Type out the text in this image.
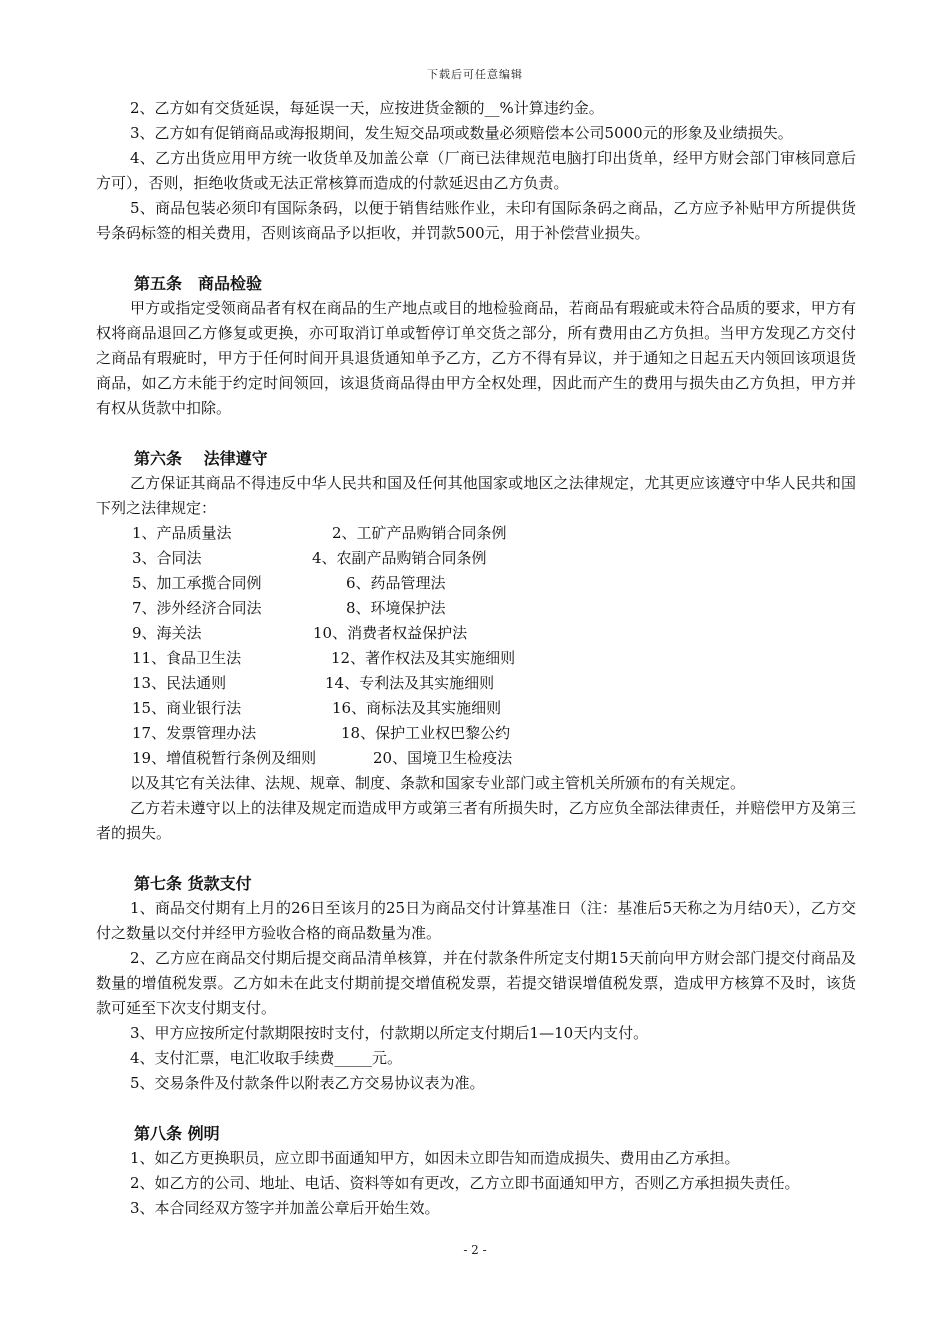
下载后可任意编辑

2、乙方如有交货延误，每延误一天，应按进货金额的__%计算违约金。

3、乙方如有促销商品或海报期间，发生短交品项或数量必须赔偿本公司5000元的形象及业绩损失。

4、乙方出货应用甲方统一收货单及加盖公章（厂商已法律规范电脑打印出货单，经甲方财会部门审核同意后方可），否则，拒绝收货或无法正常核算而造成的付款延迟由乙方负责。

5、商品包装必须印有国际条码，以便于销售结账作业，未印有国际条码之商品，乙方应予补贴甲方所提供货号条码标签的相关费用，否则该商品予以拒收，并罚款500元，用于补偿营业损失。

第五条　商品检验

甲方或指定受领商品者有权在商品的生产地点或目的地检验商品，若商品有瑕疵或未符合品质的要求，甲方有权将商品退回乙方修复或更换，亦可取消订单或暂停订单交货之部分，所有费用由乙方负担。当甲方发现乙方交付之商品有瑕疵时，甲方于任何时间开具退货通知单予乙方，乙方不得有异议，并于通知之日起五天内领回该项退货商品，如乙方未能于约定时间领回，该退货商品得由甲方全权处理，因此而产生的费用与损失由乙方负担，甲方并有权从货款中扣除。

第六条　 法律遵守

乙方保证其商品不得违反中华人民共和国及任何其他国家或地区之法律规定，尤其更应该遵守中华人民共和国下列之法律规定：

1、产品质量法	2、工矿产品购销合同条例
3、合同法	4、农副产品购销合同条例
5、加工承揽合同例	6、药品管理法
7、涉外经济合同法	8、环境保护法
9、海关法	10、消费者权益保护法
11、食品卫生法	12、著作权法及其实施细则
13、民法通则	14、专利法及其实施细则
15、商业银行法	16、商标法及其实施细则
17、发票管理办法	18、保护工业权巴黎公约
19、增值税暂行条例及细则	20、国境卫生检疫法

以及其它有关法律、法规、规章、制度、条款和国家专业部门或主管机关所颁布的有关规定。

乙方若未遵守以上的法律及规定而造成甲方或第三者有所损失时，乙方应负全部法律责任，并赔偿甲方及第三者的损失。

第七条 货款支付

1、商品交付期有上月的26日至该月的25日为商品交付计算基准日（注：基准后5天称之为月结0天），乙方交付之数量以交付并经甲方验收合格的商品数量为准。

2、乙方应在商品交付期后提交商品清单核算，并在付款条件所定支付期15天前向甲方财会部门提交付商品及数量的增值税发票。乙方如未在此支付期前提交增值税发票，若提交错误增值税发票，造成甲方核算不及时，该货款可延至下次支付期支付。

3、甲方应按所定付款期限按时支付，付款期以所定支付期后1—10天内支付。

4、支付汇票，电汇收取手续费_____元。

5、交易条件及付款条件以附表乙方交易协议表为准。

第八条 例明

1、如乙方更换职员，应立即书面通知甲方，如因未立即告知而造成损失、费用由乙方承担。

2、如乙方的公司、地址、电话、资料等如有更改，乙方立即书面通知甲方，否则乙方承担损失责任。

3、本合同经双方签字并加盖公章后开始生效。

- 2 -
